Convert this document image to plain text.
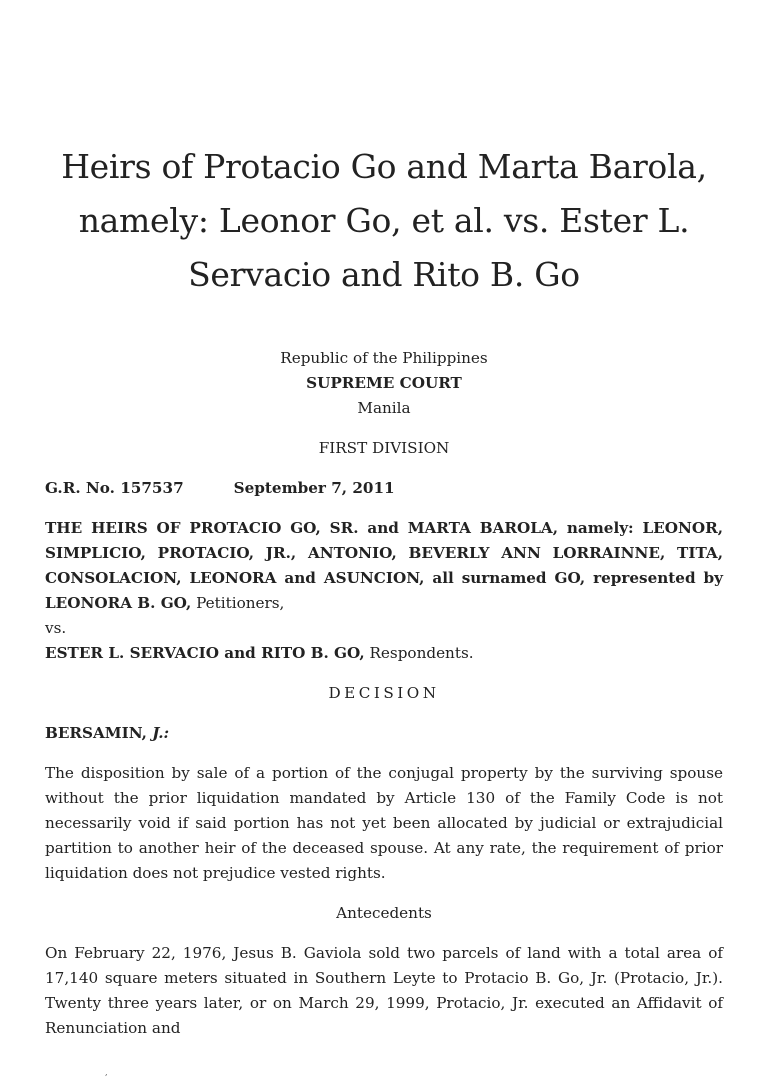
Heirs of Protacio Go and Marta Barola, namely: Leonor Go, et al. vs. Ester L. Servacio and Rito B. Go
Republic of the Philippines
SUPREME COURT
Manila
FIRST DIVISION
G.R. No. 157537	September 7, 2011
THE HEIRS OF PROTACIO GO, SR. and MARTA BAROLA, namely: LEONOR, SIMPLICIO, PROTACIO, JR., ANTONIO, BEVERLY ANN LORRAINNE, TITA, CONSOLACION, LEONORA and ASUNCION, all surnamed GO, represented by LEONORA B. GO, Petitioners,
vs.
ESTER L. SERVACIO and RITO B. GO, Respondents.
DECISION
BERSAMIN, J.:

The disposition by sale of a portion of the conjugal property by the surviving spouse without the prior liquidation mandated by Article 130 of the Family Code is not necessarily void if said portion has not yet been allocated by judicial or extrajudicial partition to another heir of the deceased spouse. At any rate, the requirement of prior liquidation does not prejudice vested rights.

Antecedents

On February 22, 1976, Jesus B. Gaviola sold two parcels of land with a total area of 17,140 square meters situated in Southern Leyte to Protacio B. Go, Jr. (Protacio, Jr.). Twenty three years later, or on March 29, 1999, Protacio, Jr. executed an Affidavit of Renunciation and

,
